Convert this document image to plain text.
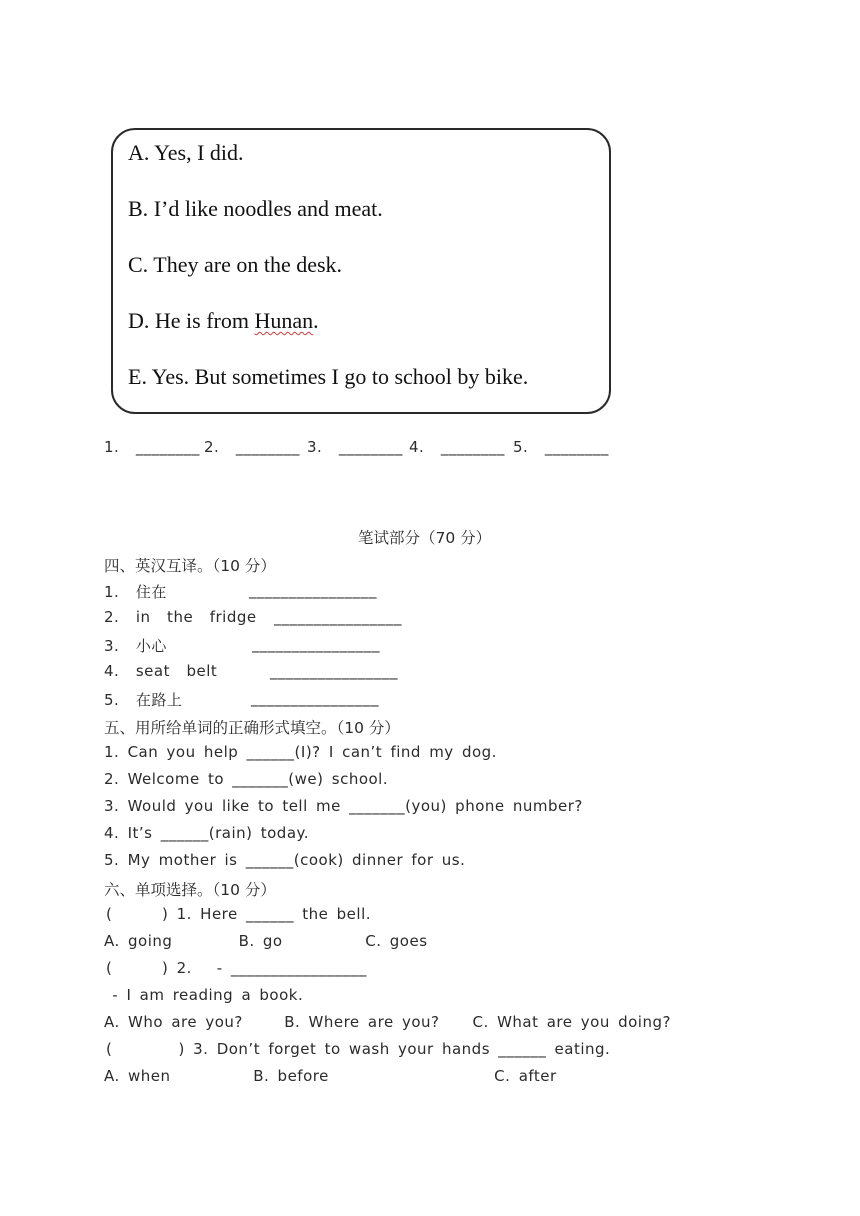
A. Yes, I did.
B. I’d like noodles and meat.
C. They are on the desk.
D. He is from Hunan.
E. Yes. But sometimes I go to school by bike.
1.  ________ 2.  ________ 3.  ________ 4.  ________ 5.  ________
笔试部分（70 分）
四、英汉互译。（10 分）
1.  住在	________________
2.  in  the  fridge ________________
3.  小心	________________
4.  seat  belt	________________
5.  在路上	________________
五、用所给单词的正确形式填空。（10 分）
1. Can you help ______(I)? I can’t find my dog.
2. Welcome to _______(we) school.
3. Would you like to tell me _______(you) phone number?
4. It’s ______(rain) today.
5. My mother is ______(cook) dinner for us.
六、单项选择。（10 分）
(      ) 1. Here ______ the bell.
A. going        B. go          C. goes
(      ) 2.   - _________________
- I am reading a book.
A. Who are you?     B. Where are you?    C. What are you doing?
(        ) 3. Don’t forget to wash your hands ______ eating.
A. when          B. before                    C. after
